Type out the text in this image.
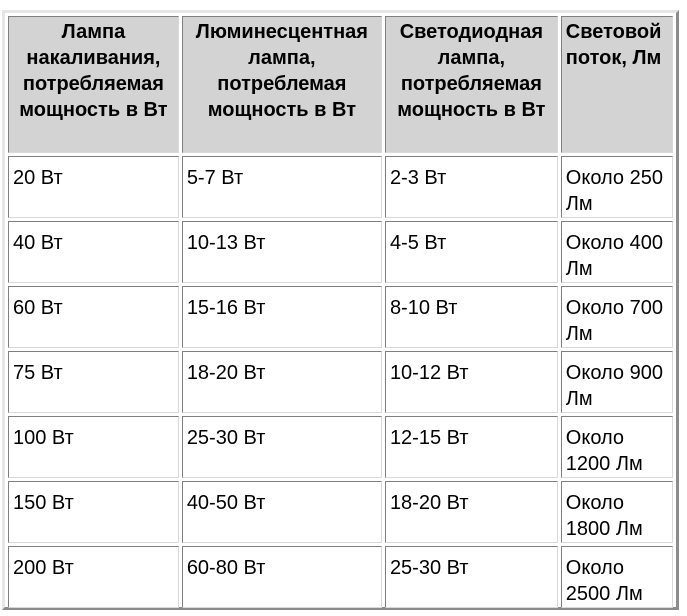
Лампа накаливания, потребляемая мощность в Вт	Люминесцентная лампа, потреблемая мощность в Вт	Светодиодная лампа, потребляемая мощность в Вт	Световой поток, Лм
20 Вт	5-7 Вт	2-3 Вт	Около 250 Лм
40 Вт	10-13 Вт	4-5 Вт	Около 400 Лм
60 Вт	15-16 Вт	8-10 Вт	Около 700 Лм
75 Вт	18-20 Вт	10-12 Вт	Около 900 Лм
100 Вт	25-30 Вт	12-15 Вт	Около 1200 Лм
150 Вт	40-50 Вт	18-20 Вт	Около 1800 Лм
200 Вт	60-80 Вт	25-30 Вт	Около 2500 Лм
